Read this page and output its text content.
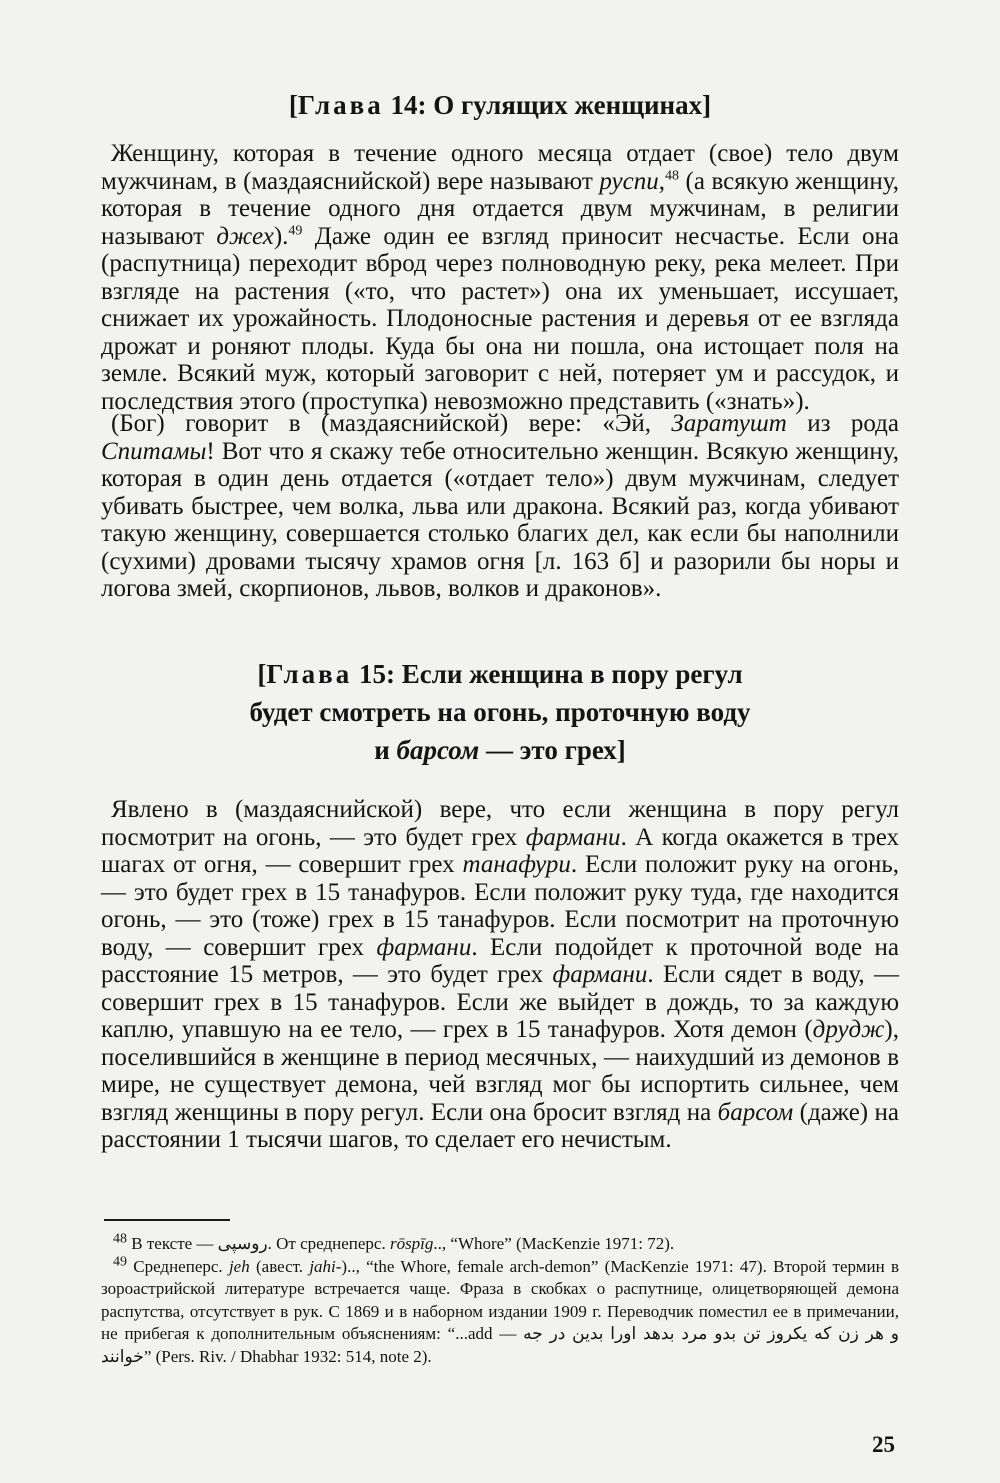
[Глава 14: О гулящих женщинах]
Женщину, которая в течение одного месяца отдает (свое) тело двум мужчинам, в (маздаяснийской) вере называют руспи,$^{48}$ (а всякую женщину, которая в течение одного дня отдается двум мужчинам, в религии называют джех).$^{49}$ Даже один ее взгляд приносит несчастье. Если она (распутница) переходит вброд через полноводную реку, река мелеет. При взгляде на растения («то, что растет») она их уменьшает, иссушает, снижает их урожайность. Плодоносные растения и деревья от ее взгляда дрожат и роняют плоды. Куда бы она ни пошла, она истощает поля на земле. Всякий муж, который заговорит с ней, потеряет ум и рассудок, и последствия этого (проступка) невозможно представить («знать»).
(Бог) говорит в (маздаяснийской) вере: «Эй, Заратушт из рода Спитамы! Вот что я скажу тебе относительно женщин. Всякую женщину, которая в один день отдается («отдает тело») двум мужчинам, следует убивать быстрее, чем волка, льва или дракона. Всякий раз, когда убивают такую женщину, совершается столько благих дел, как если бы наполнили (сухими) дровами тысячу храмов огня [л. 163 б] и разорили бы норы и логова змей, скорпионов, львов, волков и драконов».
[Глава 15: Если женщина в пору регул
будет смотреть на огонь, проточную воду
и барсом — это грех]
Явлено в (маздаяснийской) вере, что если женщина в пору регул посмотрит на огонь, — это будет грех фармани. А когда окажется в трех шагах от огня, — совершит грех танафури. Если положит руку на огонь, — это будет грех в 15 танафуров. Если положит руку туда, где находится огонь, — это (тоже) грех в 15 танафуров. Если посмотрит на проточную воду, — совершит грех фармани. Если подойдет к проточной воде на расстояние 15 метров, — это будет грех фармани. Если сядет в воду, — совершит грех в 15 танафуров. Если же выйдет в дождь, то за каждую каплю, упавшую на ее тело, — грех в 15 танафуров. Хотя демон (друдж), поселившийся в женщине в период месячных, — наихудший из демонов в мире, не существует демона, чей взгляд мог бы испортить сильнее, чем взгляд женщины в пору регул. Если она бросит взгляд на барсом (даже) на расстоянии 1 тысячи шагов, то сделает его нечистым.
$^{48}$ В тексте — روسپی. От среднеперс. rōspīg.., “Whore” (MacKenzie 1971: 72).
$^{49}$ Среднеперс. jeh (авест. jahi-).., “the Whore, female arch-demon” (MacKenzie 1971: 47). Второй термин в зороастрийской литературе встречается чаще. Фраза в скобках о распутнице, олицетворяющей демона распутства, отсутствует в рук. С 1869 и в наборном издании 1909 г. Переводчик поместил ее в примечании, не прибегая к дополнительным объяснениям: “...add — و هر زن که یکروز تن بدو مرد بدهد اورا بدین در جه خوانند” (Pers. Riv. / Dhabhar 1932: 514, note 2).
25
